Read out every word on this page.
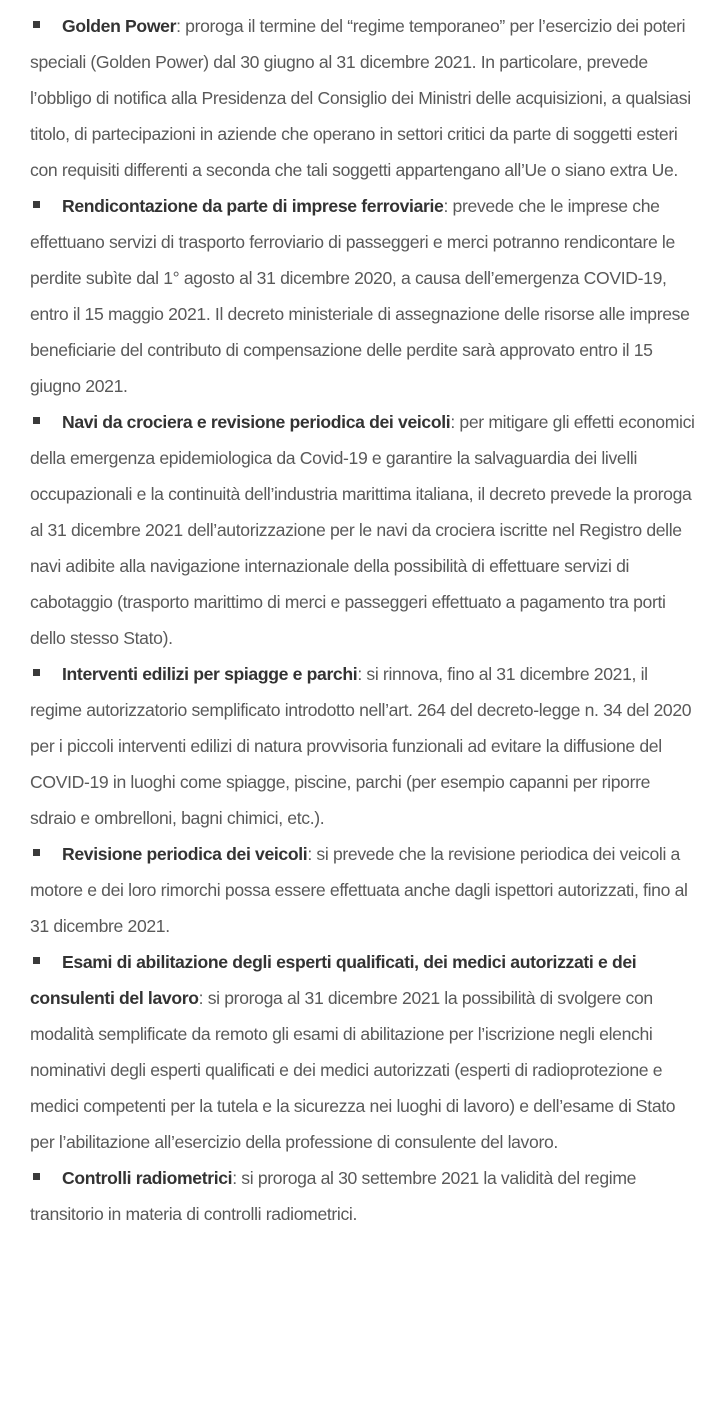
Golden Power: proroga il termine del “regime temporaneo” per l’esercizio dei poteri speciali (Golden Power) dal 30 giugno al 31 dicembre 2021. In particolare, prevede l’obbligo di notifica alla Presidenza del Consiglio dei Ministri delle acquisizioni, a qualsiasi titolo, di partecipazioni in aziende che operano in settori critici da parte di soggetti esteri con requisiti differenti a seconda che tali soggetti appartengano all’Ue o siano extra Ue.
Rendicontazione da parte di imprese ferroviarie: prevede che le imprese che effettuano servizi di trasporto ferroviario di passeggeri e merci potranno rendicontare le perdite subìte dal 1° agosto al 31 dicembre 2020, a causa dell’emergenza COVID-19, entro il 15 maggio 2021. Il decreto ministeriale di assegnazione delle risorse alle imprese beneficiarie del contributo di compensazione delle perdite sarà approvato entro il 15 giugno 2021.
Navi da crociera e revisione periodica dei veicoli: per mitigare gli effetti economici della emergenza epidemiologica da Covid-19 e garantire la salvaguardia dei livelli occupazionali e la continuità dell’industria marittima italiana, il decreto prevede la proroga al 31 dicembre 2021 dell’autorizzazione per le navi da crociera iscritte nel Registro delle navi adibite alla navigazione internazionale della possibilità di effettuare servizi di cabotaggio (trasporto marittimo di merci e passeggeri effettuato a pagamento tra porti dello stesso Stato).
Interventi edilizi per spiagge e parchi: si rinnova, fino al 31 dicembre 2021, il regime autorizzatorio semplificato introdotto nell’art. 264 del decreto-legge n. 34 del 2020 per i piccoli interventi edilizi di natura provvisoria funzionali ad evitare la diffusione del COVID-19 in luoghi come spiagge, piscine, parchi (per esempio capanni per riporre sdraio e ombrelloni, bagni chimici, etc.).
Revisione periodica dei veicoli: si prevede che la revisione periodica dei veicoli a motore e dei loro rimorchi possa essere effettuata anche dagli ispettori autorizzati, fino al 31 dicembre 2021.
Esami di abilitazione degli esperti qualificati, dei medici autorizzati e dei consulenti del lavoro: si proroga al 31 dicembre 2021 la possibilità di svolgere con modalità semplificate da remoto gli esami di abilitazione per l’iscrizione negli elenchi nominativi degli esperti qualificati e dei medici autorizzati (esperti di radioprotezione e medici competenti per la tutela e la sicurezza nei luoghi di lavoro) e dell’esame di Stato per l’abilitazione all’esercizio della professione di consulente del lavoro.
Controlli radiometrici: si proroga al 30 settembre 2021 la validità del regime transitorio in materia di controlli radiometrici.
